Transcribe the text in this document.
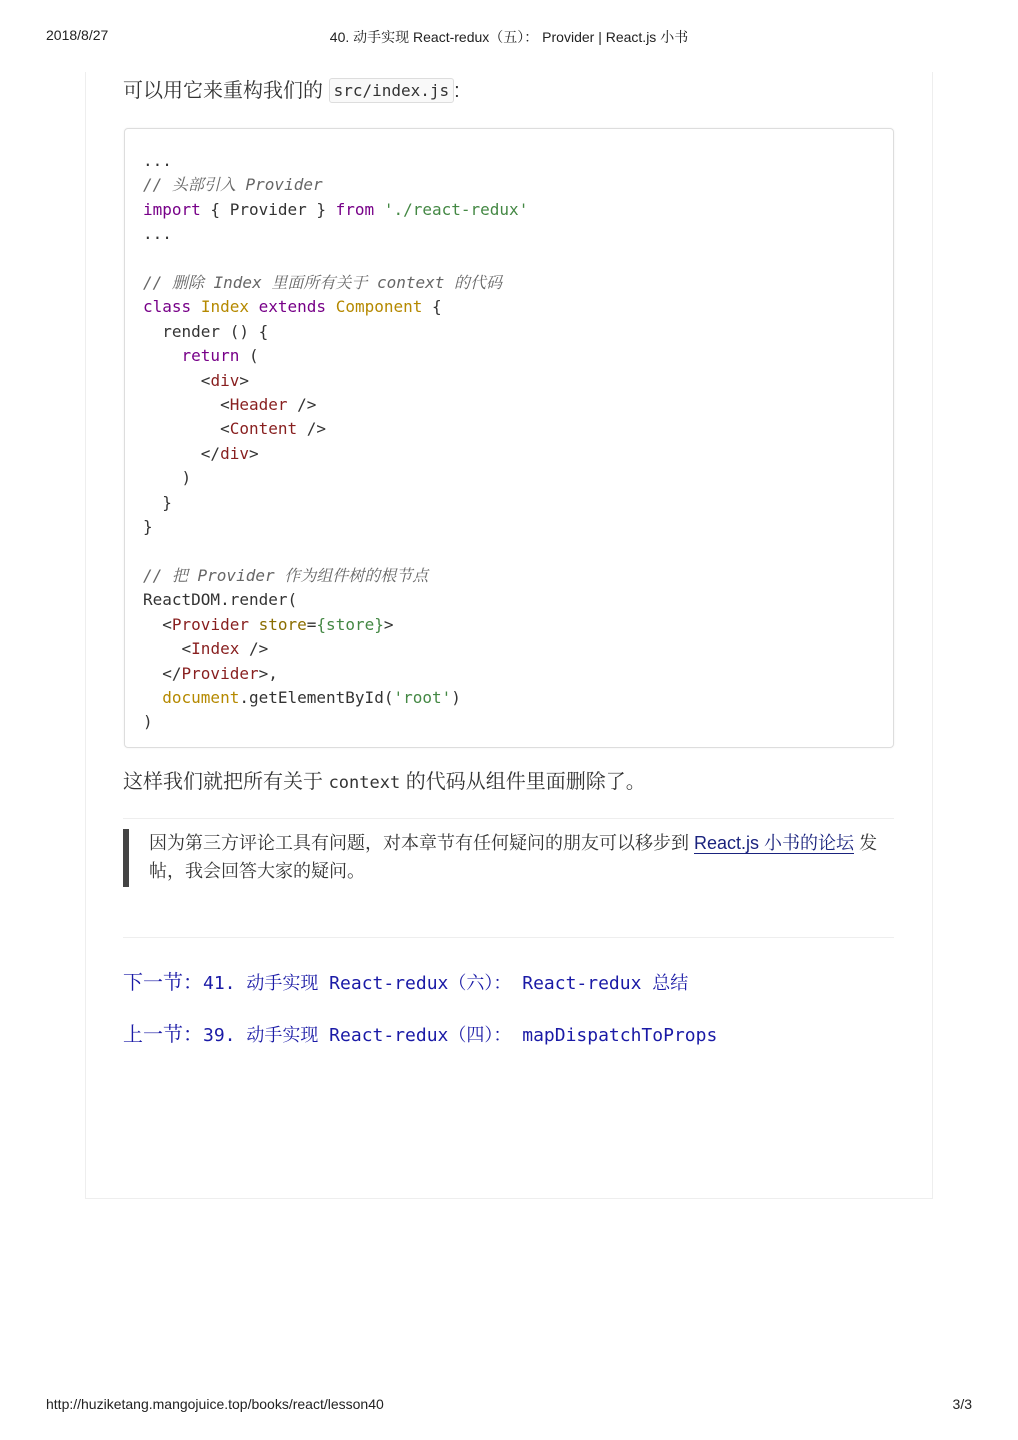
2018/8/27	40. 动手实现 React-redux（五）： Provider | React.js 小书
可以用它来重构我们的 src/index.js :
...
// 头部引入 Provider
import { Provider } from './react-redux'
...

// 删除 Index 里面所有关于 context 的代码
class Index extends Component {
render () {
return (
<div>
<Header />
<Content />
</div>
)
}
}

// 把 Provider 作为组件树的根节点
ReactDOM.render(
<Provider store={store}>
<Index />
</Provider>,
document.getElementById('root')
)
这样我们就把所有关于 context 的代码从组件里面删除了。
因为第三方评论工具有问题，对本章节有任何疑问的朋友可以移步到 React.js 小书的论坛 发帖，我会回答大家的疑问。
下一节：41. 动手实现 React-redux（六）： React-redux 总结
上一节：39. 动手实现 React-redux（四）： mapDispatchToProps
http://huziketang.mangojuice.top/books/react/lesson40	3/3
